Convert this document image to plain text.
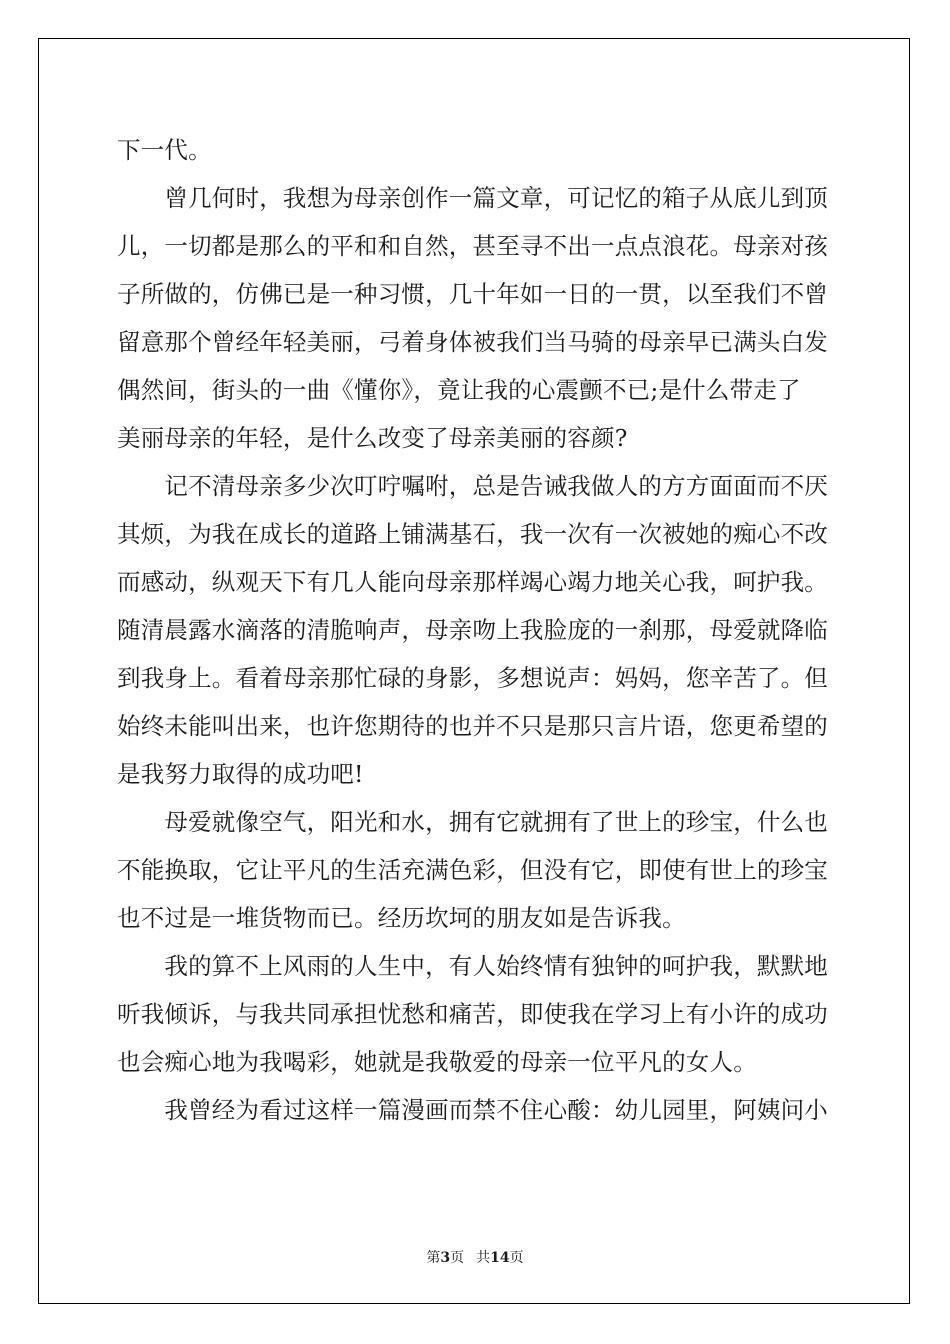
下一代。
　　曾几何时，我想为母亲创作一篇文章，可记忆的箱子从底儿到顶
儿，一切都是那么的平和和自然，甚至寻不出一点点浪花。母亲对孩
子所做的，仿佛已是一种习惯，几十年如一日的一贯，以至我们不曾
留意那个曾经年轻美丽，弓着身体被我们当马骑的母亲早已满头白发
偶然间，街头的一曲《懂你》，竟让我的心震颤不已;是什么带走了
美丽母亲的年轻，是什么改变了母亲美丽的容颜?
　　记不清母亲多少次叮咛嘱咐，总是告诫我做人的方方面面而不厌
其烦，为我在成长的道路上铺满基石，我一次有一次被她的痴心不改
而感动，纵观天下有几人能向母亲那样竭心竭力地关心我，呵护我。
随清晨露水滴落的清脆响声，母亲吻上我脸庞的一刹那，母爱就降临
到我身上。看着母亲那忙碌的身影，多想说声：妈妈，您辛苦了。但
始终未能叫出来，也许您期待的也并不只是那只言片语，您更希望的
是我努力取得的成功吧!
　　母爱就像空气，阳光和水，拥有它就拥有了世上的珍宝，什么也
不能换取，它让平凡的生活充满色彩，但没有它，即使有世上的珍宝
也不过是一堆货物而已。经历坎坷的朋友如是告诉我。
　　我的算不上风雨的人生中，有人始终情有独钟的呵护我，默默地
听我倾诉，与我共同承担忧愁和痛苦，即使我在学习上有小许的成功
也会痴心地为我喝彩，她就是我敬爱的母亲一位平凡的女人。
　　我曾经为看过这样一篇漫画而禁不住心酸：幼儿园里，阿姨问小
第3页 共14页
